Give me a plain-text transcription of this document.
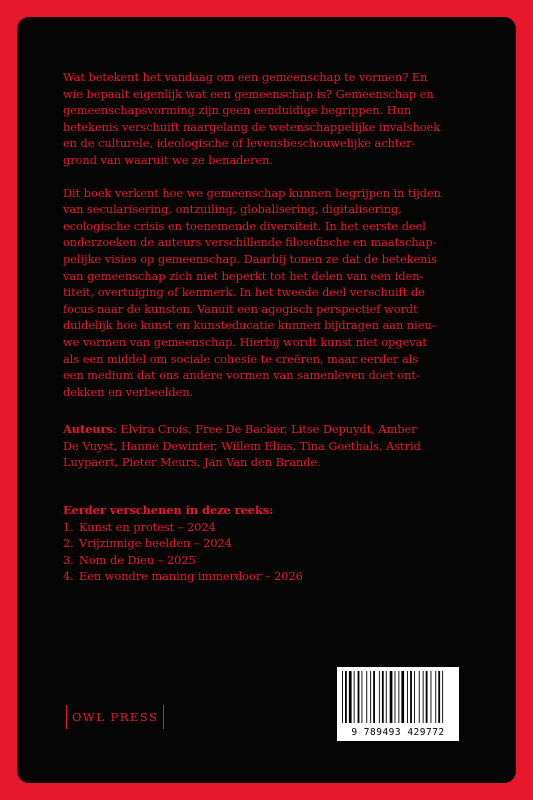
Wat betekent het vandaag om een gemeenschap te vormen? En
wie bepaalt eigenlijk wat een gemeenschap is? Gemeenschap en
gemeenschapsvorming zijn geen eenduidige begrippen. Hun
betekenis verschuift naargelang de wetenschappelijke invalshoek
en de culturele, ideologische of levensbeschouwelijke achter-
grond van waaruit we ze benaderen.

Dit boek verkent hoe we gemeenschap kunnen begrijpen in tijden
van secularisering, ontzuiling, globalisering, digitalisering,
ecologische crisis en toenemende diversiteit. In het eerste deel
onderzoeken de auteurs verschillende filosofische en maatschap-
pelijke visies op gemeenschap. Daarbij tonen ze dat de betekenis
van gemeenschap zich niet beperkt tot het delen van een iden-
titeit, overtuiging of kenmerk. In het tweede deel verschuift de
focus naar de kunsten. Vanuit een agogisch perspectief wordt
duidelijk hoe kunst en kunsteducatie kunnen bijdragen aan nieu-
we vormen van gemeenschap. Hierbij wordt kunst niet opgevat
als een middel om sociale cohesie te creëren, maar eerder als
een medium dat ons andere vormen van samenleven doet ont-
dekken en verbeelden.

Auteurs: Elvira Crois, Free De Backer, Litse Depuydt, Amber
De Vuyst, Hanne Dewinter, Willem Elias, Tina Goethals, Astrid
Luypaert, Pieter Meurs, Jan Van den Brande.

Eerder verschenen in deze reeks:
1. Kunst en protest – 2024
2. Vrijzinnige beelden – 2024
3. Nom de Dieu – 2025
4. Een wondre maning immerdoor – 2026
OWL PRESS
9 789493 429772
